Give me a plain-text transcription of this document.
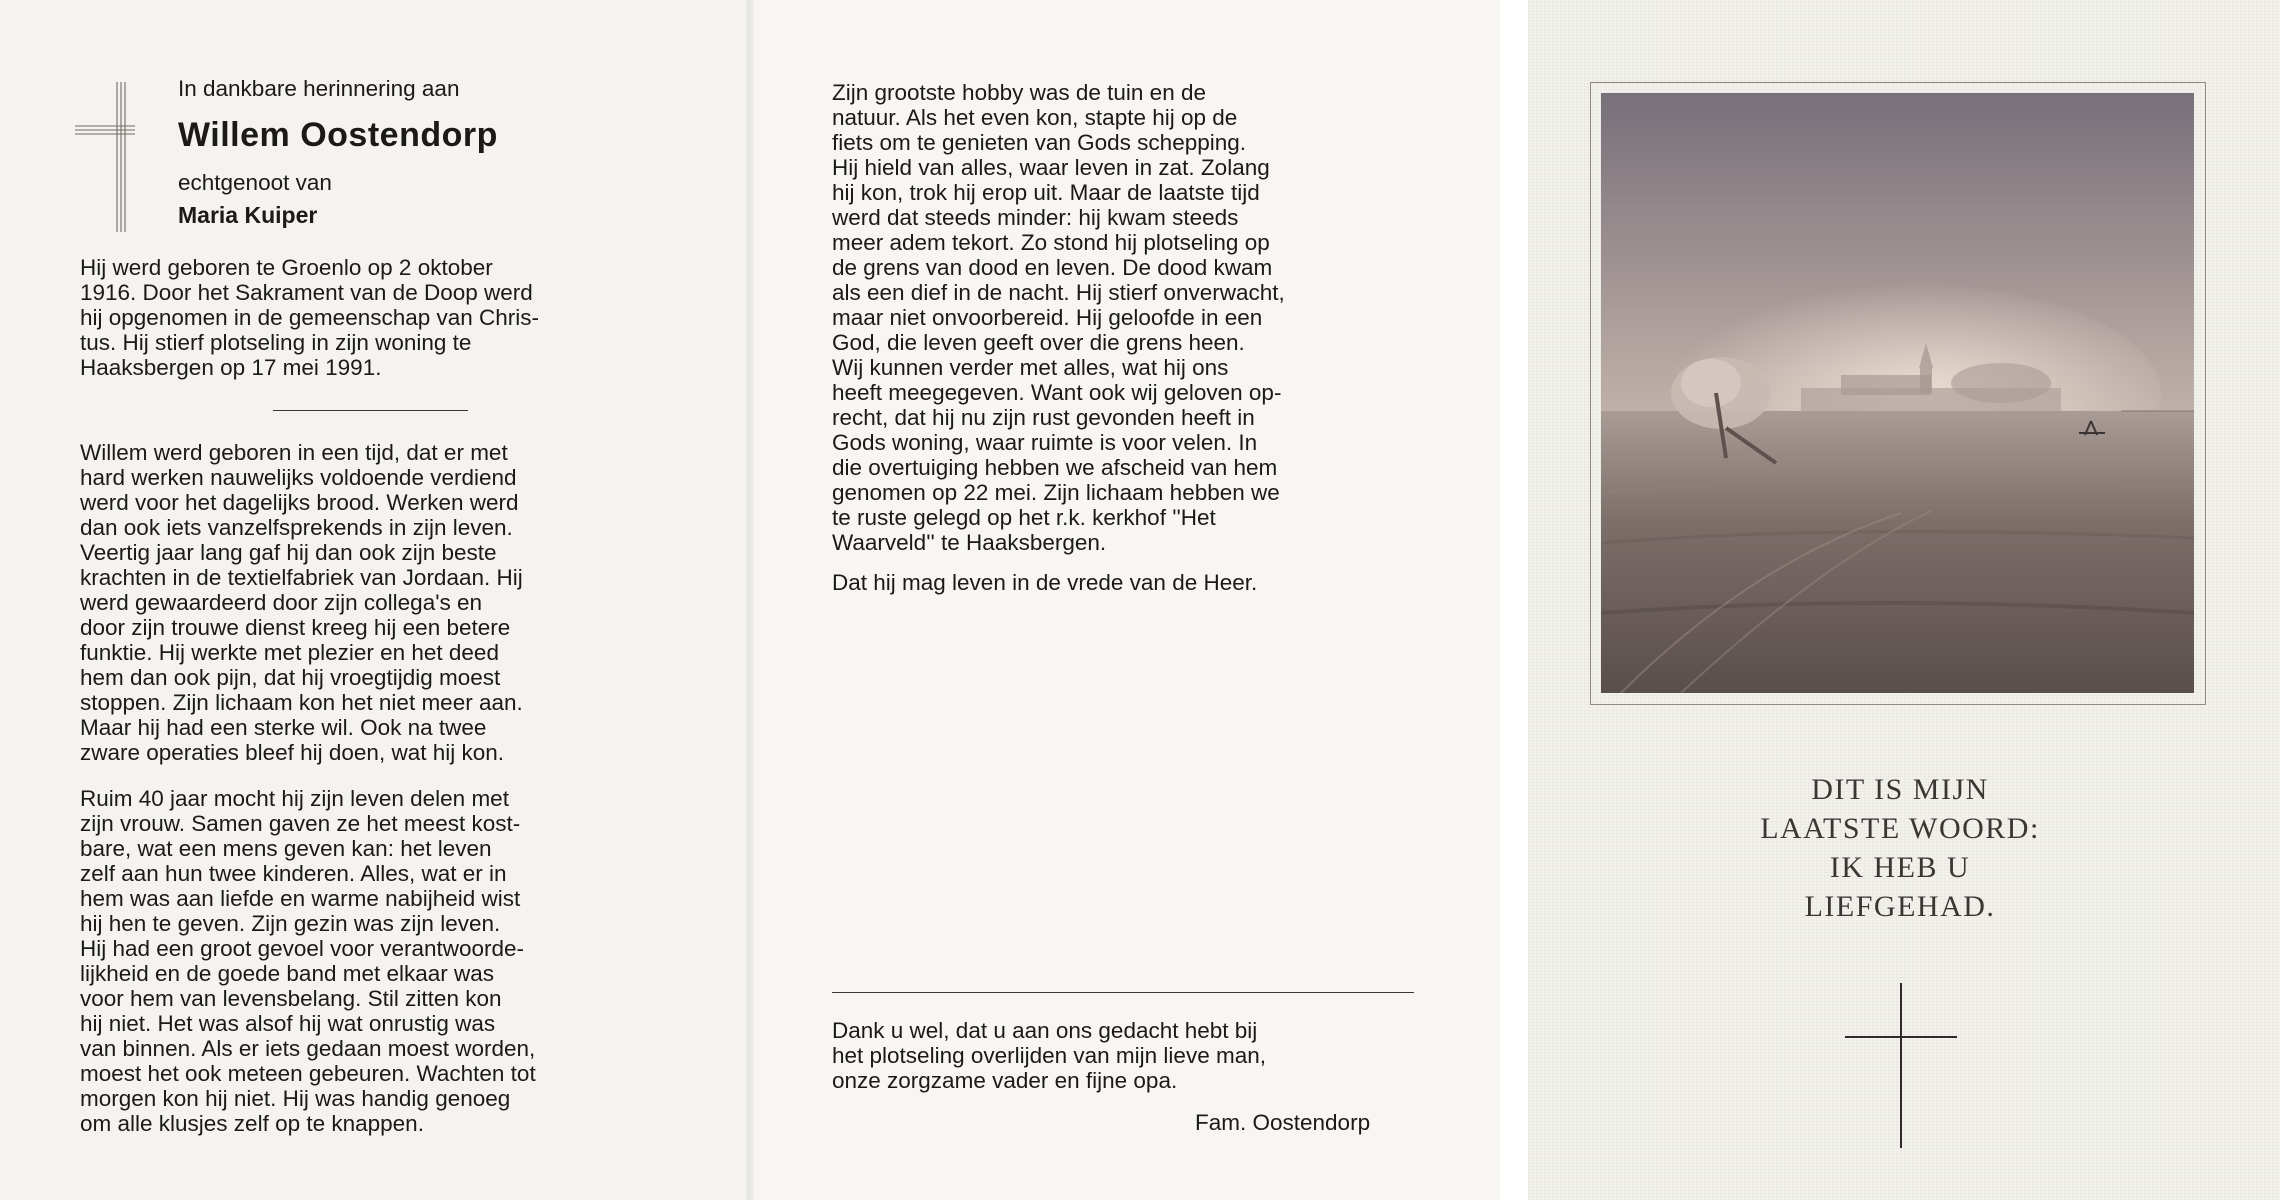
In dankbare herinnering aan
Willem Oostendorp
echtgenoot van
Maria Kuiper

Hij werd geboren te Groenlo op 2 oktober
1916. Door het Sakrament van de Doop werd
hij opgenomen in de gemeenschap van Chris-
tus. Hij stierf plotseling in zijn woning te
Haaksbergen op 17 mei 1991.

Willem werd geboren in een tijd, dat er met
hard werken nauwelijks voldoende verdiend
werd voor het dagelijks brood. Werken werd
dan ook iets vanzelfsprekends in zijn leven.
Veertig jaar lang gaf hij dan ook zijn beste
krachten in de textielfabriek van Jordaan. Hij
werd gewaardeerd door zijn collega's en
door zijn trouwe dienst kreeg hij een betere
funktie. Hij werkte met plezier en het deed
hem dan ook pijn, dat hij vroegtijdig moest
stoppen. Zijn lichaam kon het niet meer aan.
Maar hij had een sterke wil. Ook na twee
zware operaties bleef hij doen, wat hij kon.

Ruim 40 jaar mocht hij zijn leven delen met
zijn vrouw. Samen gaven ze het meest kost-
bare, wat een mens geven kan: het leven
zelf aan hun twee kinderen. Alles, wat er in
hem was aan liefde en warme nabijheid wist
hij hen te geven. Zijn gezin was zijn leven.
Hij had een groot gevoel voor verantwoorde-
lijkheid en de goede band met elkaar was
voor hem van levensbelang. Stil zitten kon
hij niet. Het was alsof hij wat onrustig was
van binnen. Als er iets gedaan moest worden,
moest het ook meteen gebeuren. Wachten tot
morgen kon hij niet. Hij was handig genoeg
om alle klusjes zelf op te knappen.

Zijn grootste hobby was de tuin en de
natuur. Als het even kon, stapte hij op de
fiets om te genieten van Gods schepping.
Hij hield van alles, waar leven in zat. Zolang
hij kon, trok hij erop uit. Maar de laatste tijd
werd dat steeds minder: hij kwam steeds
meer adem tekort. Zo stond hij plotseling op
de grens van dood en leven. De dood kwam
als een dief in de nacht. Hij stierf onverwacht,
maar niet onvoorbereid. Hij geloofde in een
God, die leven geeft over die grens heen.
Wij kunnen verder met alles, wat hij ons
heeft meegegeven. Want ook wij geloven op-
recht, dat hij nu zijn rust gevonden heeft in
Gods woning, waar ruimte is voor velen. In
die overtuiging hebben we afscheid van hem
genomen op 22 mei. Zijn lichaam hebben we
te ruste gelegd op het r.k. kerkhof ''Het
Waarveld'' te Haaksbergen.

Dat hij mag leven in de vrede van de Heer.

Dank u wel, dat u aan ons gedacht hebt bij
het plotseling overlijden van mijn lieve man,
onze zorgzame vader en fijne opa.

Fam. Oostendorp
DIT IS MIJN
LAATSTE WOORD:
IK HEB U
LIEFGEHAD.
